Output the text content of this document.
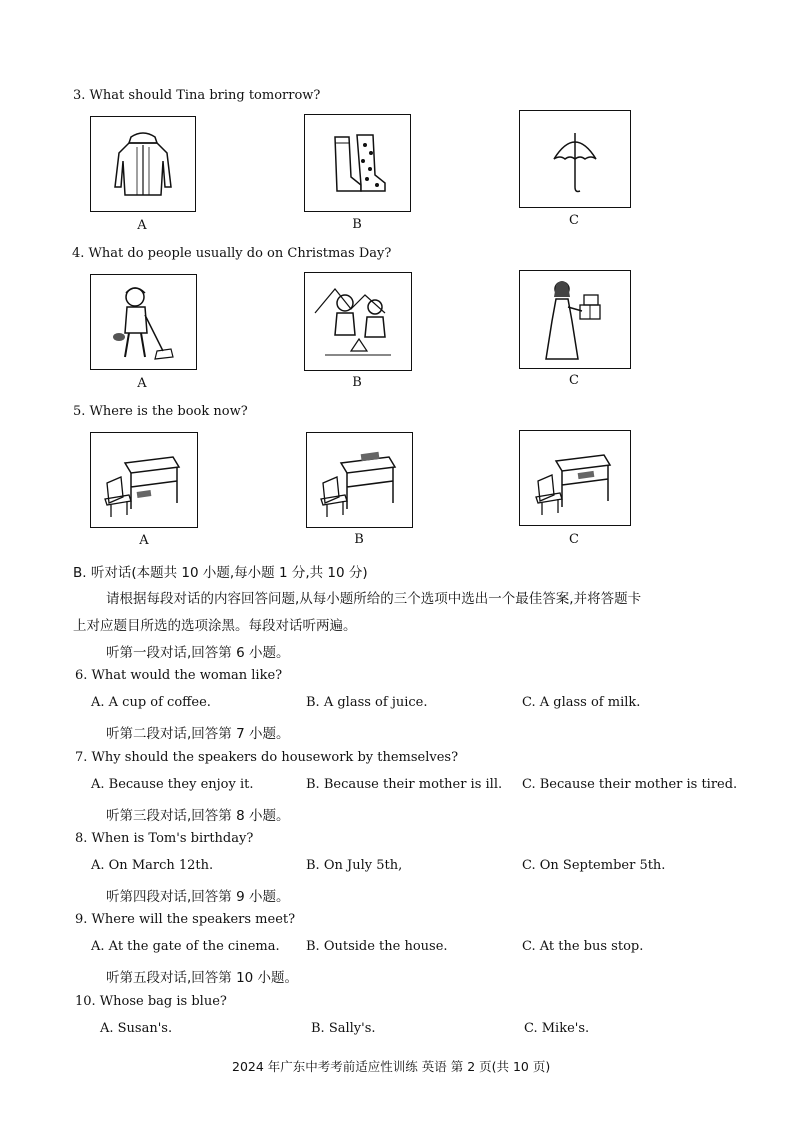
3. What should Tina bring tomorrow?
A	B	C
4. What do people usually do on Christmas Day?
A	B	C
5. Where is the book now?
A	B	C
B. 听对话(本题共 10 小题,每小题 1 分,共 10 分)
请根据每段对话的内容回答问题,从每小题所给的三个选项中选出一个最佳答案,并将答题卡
上对应题目所选的选项涂黑。每段对话听两遍。
听第一段对话,回答第 6 小题。
6. What would the woman like?
A. A cup of coffee.	B. A glass of juice.	C. A glass of milk.
听第二段对话,回答第 7 小题。
7. Why should the speakers do housework by themselves?
A. Because they enjoy it.	B. Because their mother is ill. C. Because their mother is tired.
听第三段对话,回答第 8 小题。
8. When is Tom's birthday?
A. On March 12th.	B. On July 5th,	C. On September 5th.
听第四段对话,回答第 9 小题。
9. Where will the speakers meet?
A. At the gate of the cinema. B. Outside the house.	C. At the bus stop.
听第五段对话,回答第 10 小题。
10. Whose bag is blue?
A. Susan's.	B. Sally's.	C. Mike's.
2024 年广东中考考前适应性训练 英语 第 2 页(共 10 页)
